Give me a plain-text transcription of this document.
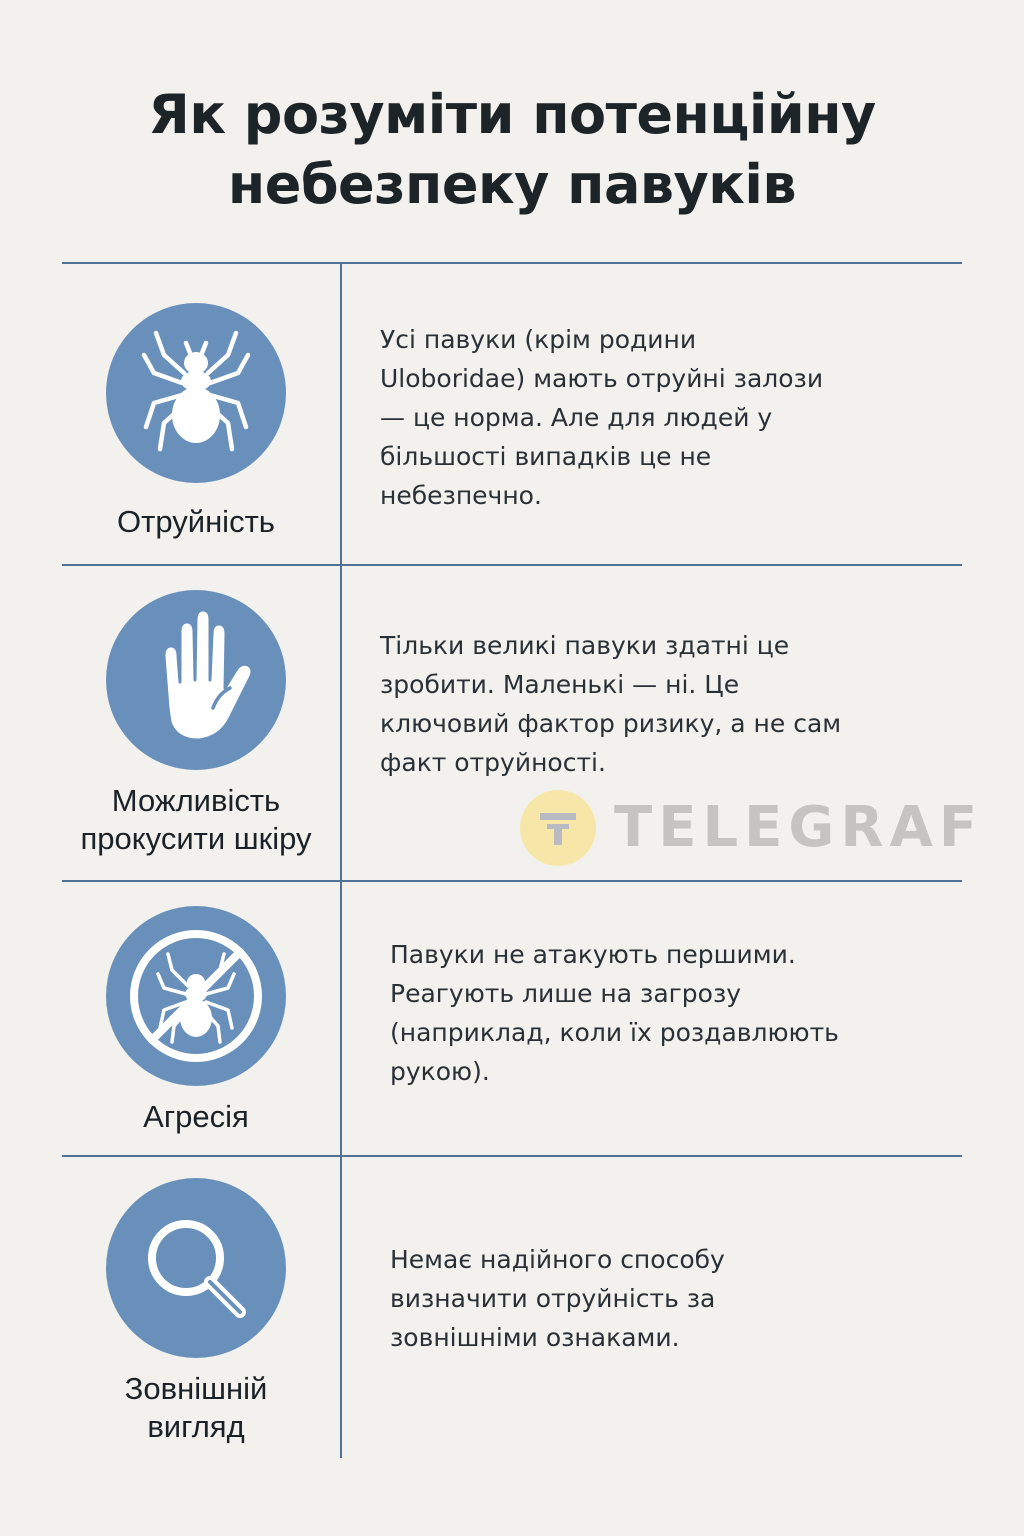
Як розуміти потенційну
небезпеку павуків
Отруйність
Усі павуки (крім родини
Uloboridae) мають отруйні залози
— це норма. Але для людей у
більшості випадків це не
небезпечно.
Можливість
прокусити шкіру
Тільки великі павуки здатні це
зробити. Маленькі — ні. Це
ключовий фактор ризику, а не сам
факт отруйності.
TELEGRAF
Агресія
Павуки не атакують першими.
Реагують лише на загрозу
(наприклад, коли їх роздавлюють
рукою).
Зовнішній
вигляд
Немає надійного способу
визначити отруйність за
зовнішніми ознаками.
